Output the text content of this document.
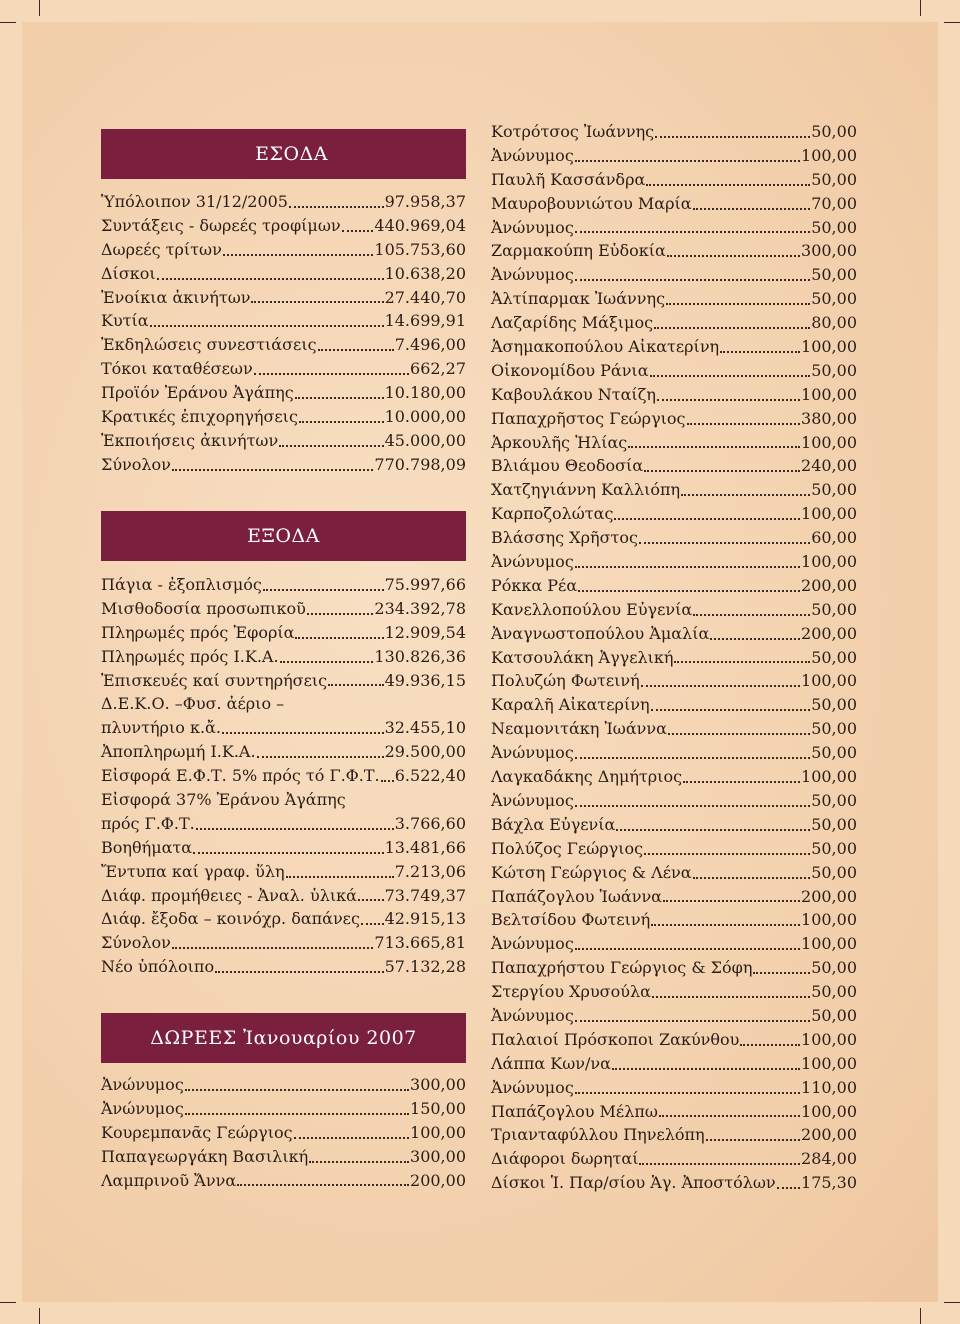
ΕΣΟΔΑ
Ὑπόλοιπον 31/12/2005	97.958,37
Συντάξεις - δωρεές τροφίμων 440.969,04
Δωρεές τρίτων	105.753,60
Δίσκοι	10.638,20
Ἐνοίκια ἀκινήτων	27.440,70
Κυτία	14.699,91
Ἐκδηλώσεις συνεστιάσεις	7.496,00
Τόκοι καταθέσεων	662,27
Προϊόν Ἐράνου Ἀγάπης	10.180,00
Κρατικές ἐπιχορηγήσεις	10.000,00
Ἐκποιήσεις ἀκινήτων	45.000,00
Σύνολον	770.798,09
ΕΞΟΔΑ
Πάγια - ἐξοπλισμός	75.997,66
Μισθοδοσία προσωπικοῦ	234.392,78
Πληρωμές πρός Ἐφορία	12.909,54
Πληρωμές πρός Ι.Κ.Α.	130.826,36
Ἐπισκευές καί συντηρήσεις	49.936,15
Δ.Ε.Κ.Ο. –Φυσ. ἀέριο –
πλυντήριο κ.ἄ.	32.455,10
Ἀποπληρωμή Ι.Κ.Α.	29.500,00
Εἰσφορά Ε.Φ.Τ. 5% πρός τό Γ.Φ.Τ. 6.522,40
Εἰσφορά 37% Ἐράνου Ἀγάπης
πρός Γ.Φ.Τ.	3.766,60
Βοηθήματα	13.481,66
Ἔντυπα καί γραφ. ὕλη	7.213,06
Διάφ. προμήθειες - Ἀναλ. ὑλικά 73.749,37
Διάφ. ἔξοδα – κοινόχρ. δαπάνες 42.915,13
Σύνολον	713.665,81
Νέο ὑπόλοιπο	57.132,28
ΔΩΡΕΕΣ Ἰανουαρίου 2007
Ἀνώνυμος	300,00
Ἀνώνυμος	150,00
Κουρεμπανᾶς Γεώργιος	100,00
Παπαγεωργάκη Βασιλική	300,00
Λαμπρινοῦ Ἄννα	200,00
Κοτρότσος Ἰωάννης	50,00
Ἀνώνυμος	100,00
Παυλῆ Κασσάνδρα	50,00
Μαυροβουνιώτου Μαρία	70,00
Ἀνώνυμος	50,00
Ζαρμακούπη Εὐδοκία	300,00
Ἀνώνυμος	50,00
Ἀλτίπαρμακ Ἰωάννης	50,00
Λαζαρίδης Μάξιμος	80,00
Ἀσημακοπούλου Αἰκατερίνη	100,00
Οἰκονομίδου Ράνια	50,00
Καβουλάκου Νταίζη	100,00
Παπαχρῆστος Γεώργιος	380,00
Ἀρκουλῆς Ἠλίας	100,00
Βλιάμου Θεοδοσία	240,00
Χατζηγιάννη Καλλιόπη	50,00
Καρποζολώτας	100,00
Βλάσσης Χρῆστος	60,00
Ἀνώνυμος	100,00
Ρόκκα Ρέα	200,00
Κανελλοπούλου Εὐγενία	50,00
Ἀναγνωστοπούλου Ἀμαλία	200,00
Κατσουλάκη Ἀγγελική	50,00
Πολυζώη Φωτεινή	100,00
Καραλῆ Αἰκατερίνη	50,00
Νεαμονιτάκη Ἰωάννα	50,00
Ἀνώνυμος	50,00
Λαγκαδάκης Δημήτριος	100,00
Ἀνώνυμος	50,00
Βάχλα Εὐγενία	50,00
Πολύζος Γεώργιος	50,00
Κώτση Γεώργιος & Λένα	50,00
Παπάζογλου Ἰωάννα	200,00
Βελτσίδου Φωτεινή	100,00
Ἀνώνυμος	100,00
Παπαχρήστου Γεώργιος & Σόφη	50,00
Στεργίου Χρυσούλα	50,00
Ἀνώνυμος	50,00
Παλαιοί Πρόσκοποι Ζακύνθου	100,00
Λάππα Κων/να	100,00
Ἀνώνυμος	110,00
Παπάζογλου Μέλπω	100,00
Τριανταφύλλου Πηνελόπη	200,00
Διάφοροι δωρηταί	284,00
Δίσκοι Ἱ. Παρ/σίου Ἁγ. Ἀποστόλων 175,30
